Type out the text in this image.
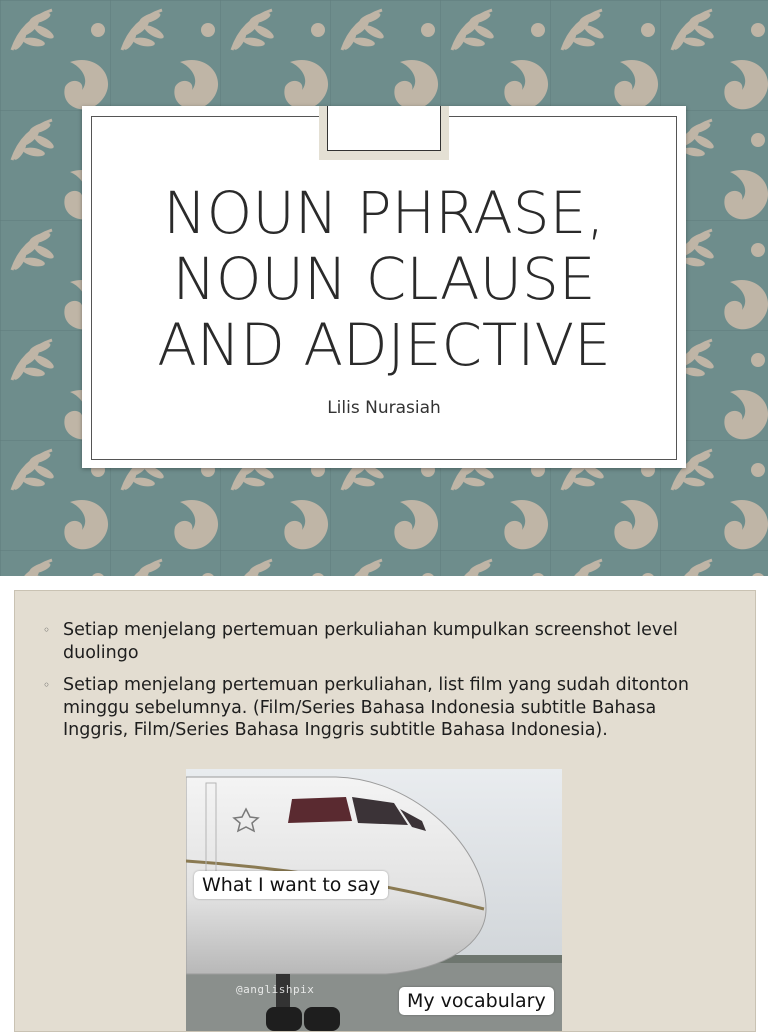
NOUN PHRASE,
NOUN CLAUSE
AND ADJECTIVE
Lilis Nurasiah
◦ Setiap menjelang pertemuan perkuliahan kumpulkan screenshot level duolingo
◦ Setiap menjelang pertemuan perkuliahan, list film yang sudah ditonton minggu sebelumnya. (Film/Series Bahasa Indonesia subtitle Bahasa Inggris, Film/Series Bahasa Inggris subtitle Bahasa Indonesia).
What I want to say
My vocabulary
@anglishpix
